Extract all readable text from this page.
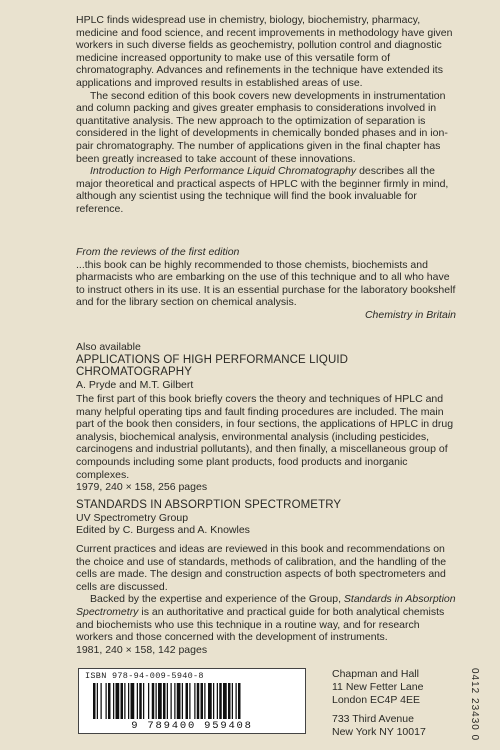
HPLC finds widespread use in chemistry, biology, biochemistry, pharmacy, medicine and food science, and recent improvements in methodology have given workers in such diverse fields as geochemistry, pollution control and diagnostic medicine increased opportunity to make use of this versatile form of chromatography. Advances and refinements in the technique have extended its applications and improved results in established areas of use.

The second edition of this book covers new developments in instrumentation and column packing and gives greater emphasis to considerations involved in quantitative analysis. The new approach to the optimization of separation is considered in the light of developments in chemically bonded phases and in ion-pair chromatography. The number of applications given in the final chapter has been greatly increased to take account of these innovations.

Introduction to High Performance Liquid Chromatography describes all the major theoretical and practical aspects of HPLC with the beginner firmly in mind, although any scientist using the technique will find the book invaluable for reference.

From the reviews of the first edition

...this book can be highly recommended to those chemists, biochemists and pharmacists who are embarking on the use of this technique and to all who have to instruct others in its use. It is an essential purchase for the laboratory bookshelf and for the library section on chemical analysis.

Chemistry in Britain

Also available

APPLICATIONS OF HIGH PERFORMANCE LIQUID CHROMATOGRAPHY

A. Pryde and M.T. Gilbert

The first part of this book briefly covers the theory and techniques of HPLC and many helpful operating tips and fault finding procedures are included. The main part of the book then considers, in four sections, the applications of HPLC in drug analysis, biochemical analysis, environmental analysis (including pesticides, carcinogens and industrial pollutants), and then finally, a miscellaneous group of compounds including some plant products, food products and inorganic complexes.

1979, 240 × 158, 256 pages

STANDARDS IN ABSORPTION SPECTROMETRY

UV Spectrometry Group

Edited by C. Burgess and A. Knowles

Current practices and ideas are reviewed in this book and recommendations on the choice and use of standards, methods of calibration, and the handling of the cells are made. The design and construction aspects of both spectrometers and cells are discussed.

Backed by the expertise and experience of the Group, Standards in Absorption Spectrometry is an authoritative and practical guide for both analytical chemists and biochemists who use this technique in a routine way, and for research workers and those concerned with the development of instruments.

1981, 240 × 158, 142 pages

ISBN 978-94-009-5940-8
9 789400 959408
Chapman and Hall
11 New Fetter Lane
London EC4P 4EE
733 Third Avenue
New York NY 10017	0412 23430 0
